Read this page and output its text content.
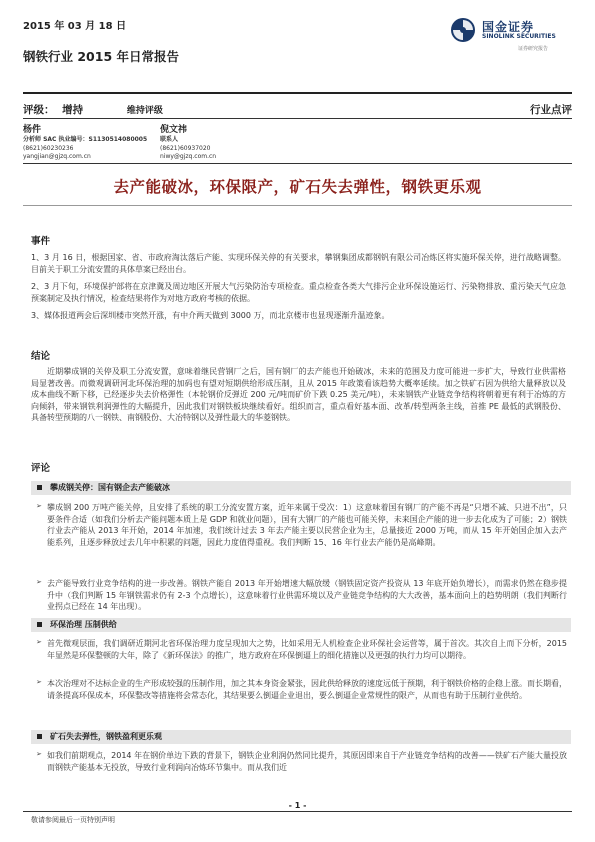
2015 年 03 月 18 日	国金证券
SINOLINK SECURITIES
证券研究报告
钢铁行业 2015 年日常报告
评级： 增持	维持评级	行业点评
杨件
分析师 SAC 执业编号：S1130514080005
(8621)60230236
yangjian@gjzq.com.cn
倪文祎
联系人
(8621)60937020
niwy@gjzq.com.cn
去产能破冰，环保限产，矿石失去弹性，钢铁更乐观
事件
1、3 月 16 日，根据国家、省、市政府淘汰落后产能、实现环保关停的有关要求，攀钢集团成都钢钒有限公司冶炼区将实施环保关停，进行战略调整。目前关于职工分流安置的具体草案已经出台。
2、3 月下旬，环境保护部将在京津冀及周边地区开展大气污染防治专项检查。重点检查各类大气排污企业环保设施运行、污染物排放、重污染天气应急预案制定及执行情况，检查结果将作为对地方政府考核的依据。
3、媒体报道两会后深圳楼市突然开涨，有中介两天做到 3000 万，而北京楼市也显现逐渐升温迹象。
结论
近期攀成钢的关停及职工分流安置，意味着继民营钢厂之后，国有钢厂的去产能也开始破冰，未来的范围及力度可能进一步扩大，导致行业供需格局显著改善。而微观调研河北环保治理的加码也有望对短期供给形成压制，且从 2015 年政策看该趋势大概率延续。加之铁矿石因为供给大量释放以及成本曲线不断下移，已经逐步失去价格弹性（本轮钢价反弹近 200 元/吨而矿价下跌 0.25 美元/吨），未来钢铁产业链竞争结构将朝着更有利于冶炼的方向倾斜，带来钢铁利润弹性的大幅提升，因此我们对钢铁板块继续看好。组织而言，重点看好基本面、改革/转型两条主线，首推 PE 最低的武钢股份、具备转型预期的八一钢铁、南钢股份、大冶特钢以及弹性最大的华菱钢铁。
评论
攀成钢关停：国有钢企去产能破冰
➢ 攀成钢 200 万吨产能关停，且安排了系统的职工分流安置方案，近年来属于受次：1）这意味着国有钢厂的产能不再是“只增不减、只进不出”，只要条件合适（如我们分析去产能问题本质上是 GDP 和就业问题），国有大钢厂的产能也可能关停，未来国企产能的进一步去化成为了可能；2）钢铁行业去产能从 2013 年开始，2014 年加速，我们统计过去 3 年去产能主要以民营企业为主，总量接近 2000 万吨，而从 15 年开始国企加入去产能系列，且逐步释放过去几年中积累的问题，因此力度值得重视。我们判断 15、16 年行业去产能仍是高峰期。
➢ 去产能导致行业竞争结构的进一步改善。钢铁产能自 2013 年开始增速大幅放缓（钢铁固定资产投资从 13 年底开始负增长），而需求仍然在稳步提升中（我们判断 15 年钢铁需求仍有 2-3 个点增长），这意味着行业供需环境以及产业链竞争结构的大大改善，基本面向上的趋势明朗（我们判断行业拐点已经在 14 年出现）。
环保治理 压制供给
➢ 首先微观层面，我们调研近期河北省环保治理力度呈现加大之势，比如采用无人机检查企业环保社会运营等，属于首次。其次自上而下分析，2015 年显然是环保整顿的大年，除了《新环保法》的推广，地方政府在环保倒逼上的细化措施以及更强的执行力均可以期待。
➢ 本次治理对不达标企业的生产形成较强的压制作用，加之其本身资金紧张，因此供给释放的速度远低于预期，利于钢铁价格的企稳上涨。而长期看，请条提高环保成本，环保整改等措施将会常态化，其结果要么倒逼企业退出，要么倒逼企业常规性的限产，从而也有助于压制行业供给。
矿石失去弹性，钢铁盈利更乐观
➢ 如我们前期观点，2014 年在钢价单边下跌的背景下，钢铁企业利润仍然同比提升，其原因即来自于产业链竞争结构的改善——铁矿石产能大量投放而钢铁产能基本无投放，导致行业利润向冶炼环节集中。而从我们近
- 1 -
敬请参阅最后一页特别声明
